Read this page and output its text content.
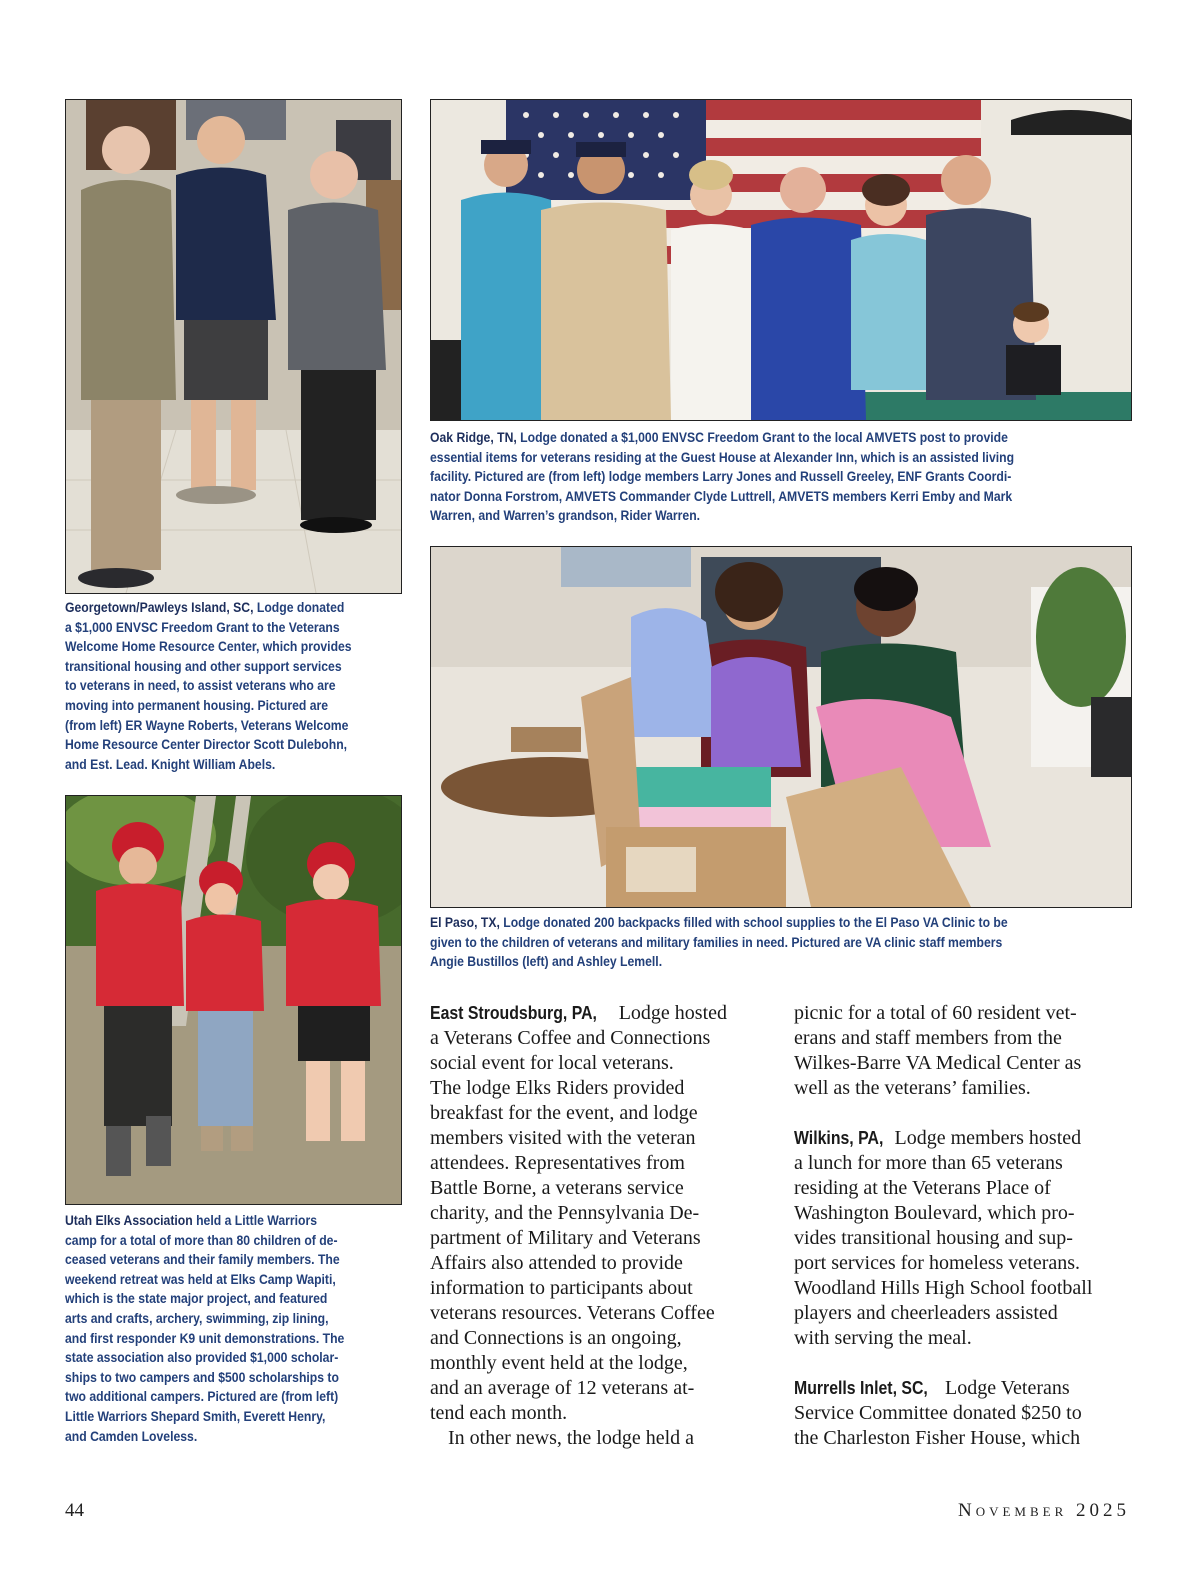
Oak Ridge, TN, Lodge donated a $1,000 ENVSC Freedom Grant to the local AMVETS post to provide
essential items for veterans residing at the Guest House at Alexander Inn, which is an assisted living
facility. Pictured are (from left) lodge members Larry Jones and Russell Greeley, ENF Grants Coordi-
nator Donna Forstrom, AMVETS Commander Clyde Luttrell, AMVETS members Kerri Emby and Mark
Warren, and Warren’s grandson, Rider Warren.
Georgetown/Pawleys Island, SC, Lodge donated
a $1,000 ENVSC Freedom Grant to the Veterans
Welcome Home Resource Center, which provides
transitional housing and other support services
to veterans in need, to assist veterans who are
moving into permanent housing. Pictured are
(from left) ER Wayne Roberts, Veterans Welcome
Home Resource Center Director Scott Dulebohn,
and Est. Lead. Knight William Abels.
El Paso, TX, Lodge donated 200 backpacks filled with school supplies to the El Paso VA Clinic to be
given to the children of veterans and military families in need. Pictured are VA clinic staff members
Angie Bustillos (left) and Ashley Lemell.
Utah Elks Association held a Little Warriors
camp for a total of more than 80 children of de-
ceased veterans and their family members. The
weekend retreat was held at Elks Camp Wapiti,
which is the state major project, and featured
arts and crafts, archery, swimming, zip lining,
and first responder K9 unit demonstrations. The
state association also provided $1,000 scholar-
ships to two campers and $500 scholarships to
two additional campers. Pictured are (from left)
Little Warriors Shepard Smith, Everett Henry,
and Camden Loveless.

East Stroudsburg, PA, Lodge hosted
a Veterans Coffee and Connections
social event for local veterans.
The lodge Elks Riders provided
breakfast for the event, and lodge
members visited with the veteran
attendees. Representatives from
Battle Borne, a veterans service
charity, and the Pennsylvania De-
partment of Military and Veterans
Affairs also attended to provide
information to participants about
veterans resources. Veterans Coffee
and Connections is an ongoing,
monthly event held at the lodge,
and an average of 12 veterans at-
tend each month.

In other news, the lodge held a

picnic for a total of 60 resident vet-
erans and staff members from the
Wilkes-Barre VA Medical Center as
well as the veterans’ families.

Wilkins, PA, Lodge members hosted
a lunch for more than 65 veterans
residing at the Veterans Place of
Washington Boulevard, which pro-
vides transitional housing and sup-
port services for homeless veterans.
Woodland Hills High School football
players and cheerleaders assisted
with serving the meal.

Murrells Inlet, SC, Lodge Veterans
Service Committee donated $250 to
the Charleston Fisher House, which

44	November 2025
